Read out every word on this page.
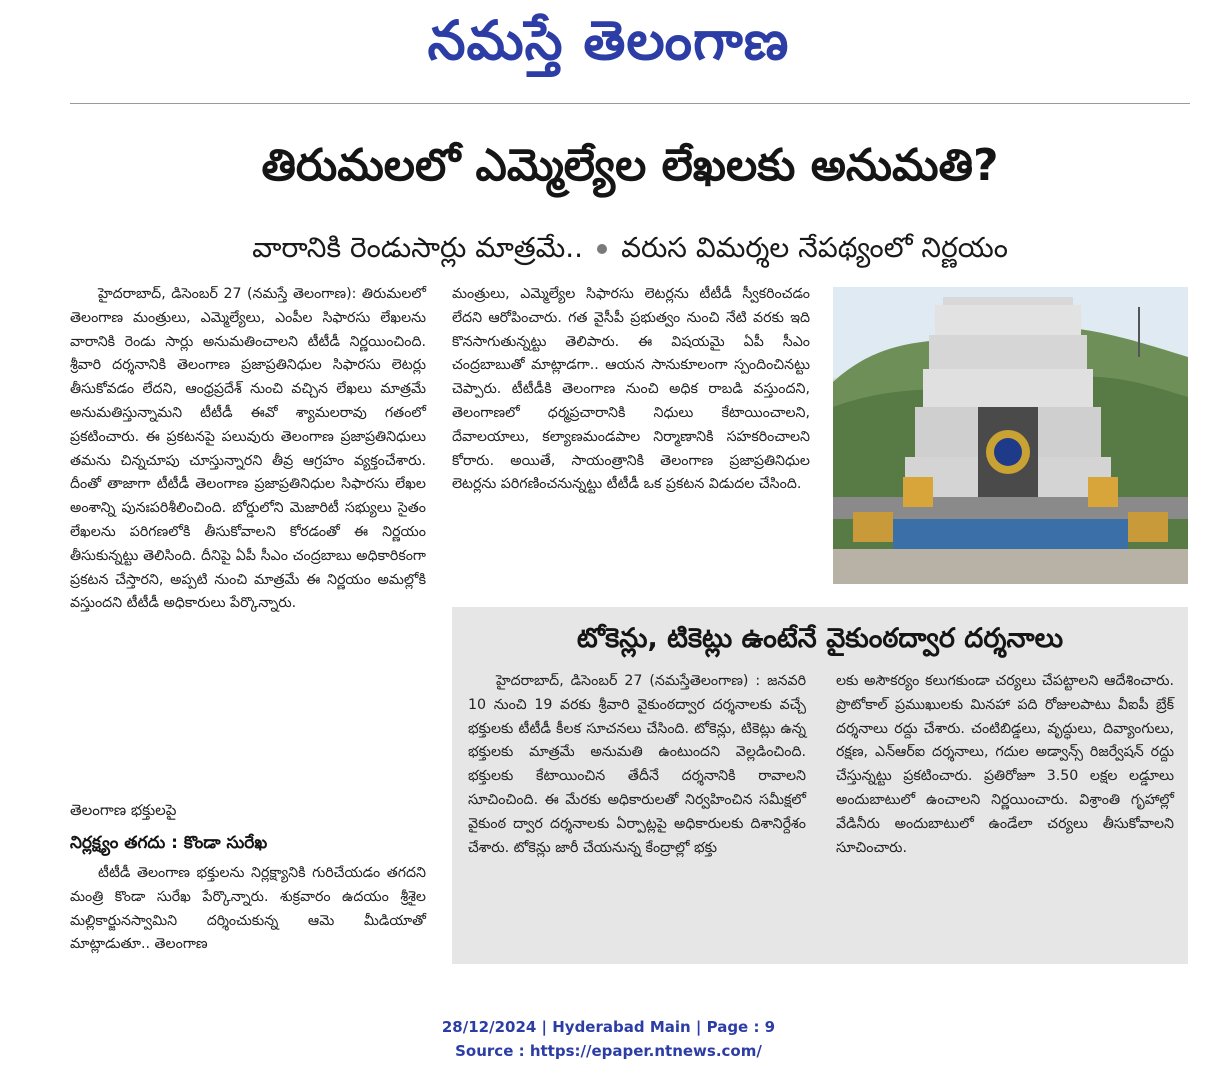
నమస్తే తెలంగాణ
తిరుమలలో ఎమ్మెల్యేల లేఖలకు అనుమతి?
వారానికి రెండుసార్లు మాత్రమే.. వరుస విమర్శల నేపథ్యంలో నిర్ణయం

హైదరాబాద్, డిసెంబర్ 27 (నమస్తే తెలంగాణ): తిరుమలలో తెలంగాణ మంత్రులు, ఎమ్మెల్యేలు, ఎంపీల సిఫారసు లేఖలను వారానికి రెండు సార్లు అనుమతించాలని టీటీడీ నిర్ణయించింది. శ్రీవారి దర్శనానికి తెలంగాణ ప్రజాప్రతినిధుల సిఫారసు లెటర్లు తీసుకోవడం లేదని, ఆంధ్రప్రదేశ్ నుంచి వచ్చిన లేఖలు మాత్రమే అనుమతిస్తున్నామని టీటీడీ ఈవో శ్యామలరావు గతంలో ప్రకటించారు. ఈ ప్రకటనపై పలువురు తెలంగాణ ప్రజాప్రతినిధులు తమను చిన్నచూపు చూస్తున్నారని తీవ్ర ఆగ్రహం వ్యక్తంచేశారు. దీంతో తాజాగా టీటీడీ తెలంగాణ ప్రజాప్రతినిధుల సిఫారసు లేఖల అంశాన్ని పునఃపరిశీలించింది. బోర్డులోని మెజారిటీ సభ్యులు సైతం లేఖలను పరిగణలోకి తీసుకోవాలని కోరడంతో ఈ నిర్ణయం తీసుకున్నట్టు తెలిసింది. దీనిపై ఏపీ సీఎం చంద్రబాబు అధికారికంగా ప్రకటన చేస్తారని, అప్పటి నుంచి మాత్రమే ఈ నిర్ణయం అమల్లోకి వస్తుందని టీటీడీ అధికారులు పేర్కొన్నారు.

తెలంగాణ భక్తులపై
నిర్లక్ష్యం తగదు : కొండా సురేఖ

టీటీడీ తెలంగాణ భక్తులను నిర్లక్ష్యానికి గురిచేయడం తగదని మంత్రి కొండా సురేఖ పేర్కొన్నారు. శుక్రవారం ఉదయం శ్రీశైల మల్లికార్జునస్వామిని దర్శించుకున్న ఆమె మీడియాతో మాట్లాడుతూ.. తెలంగాణ

మంత్రులు, ఎమ్మెల్యేల సిఫారసు లెటర్లను టీటీడీ స్వీకరించడం లేదని ఆరోపించారు. గత వైసీపీ ప్రభుత్వం నుంచి నేటి వరకు ఇది కొనసాగుతున్నట్టు తెలిపారు. ఈ విషయమై ఏపీ సీఎం చంద్రబాబుతో మాట్లాడగా.. ఆయన సానుకూలంగా స్పందించినట్టు చెప్పారు. టీటీడీకి తెలంగాణ నుంచి అధిక రాబడి వస్తుందని, తెలంగాణలో ధర్మప్రచారానికి నిధులు కేటాయించాలని, దేవాలయాలు, కల్యాణమండపాల నిర్మాణానికి సహకరించాలని కోరారు. అయితే, సాయంత్రానికి తెలంగాణ ప్రజాప్రతినిధుల లెటర్లను పరిగణించనున్నట్టు టీటీడీ ఒక ప్రకటన విడుదల చేసింది.

టోకెన్లు, టికెట్లు ఉంటేనే వైకుంఠద్వార దర్శనాలు

హైదరాబాద్, డిసెంబర్ 27 (నమస్తేతెలంగాణ) : జనవరి 10 నుంచి 19 వరకు శ్రీవారి వైకుంఠద్వార దర్శనాలకు వచ్చే భక్తులకు టీటీడీ కీలక సూచనలు చేసింది. టోకెన్లు, టికెట్లు ఉన్న భక్తులకు మాత్రమే అనుమతి ఉంటుందని వెల్లడించింది. భక్తులకు కేటాయించిన తేదీనే దర్శనానికి రావాలని సూచించింది. ఈ మేరకు అధికారులతో నిర్వహించిన సమీక్షలో వైకుంఠ ద్వార దర్శనాలకు ఏర్పాట్లపై అధికారులకు దిశానిర్దేశం చేశారు. టోకెన్లు జారీ చేయనున్న కేంద్రాల్లో భక్తు

లకు అసౌకర్యం కలుగకుండా చర్యలు చేపట్టాలని ఆదేశించారు. ప్రొటోకాల్ ప్రముఖులకు మినహా పది రోజులపాటు వీఐపీ బ్రేక్ దర్శనాలు రద్దు చేశారు. చంటిబిడ్డలు, వృద్ధులు, దివ్యాంగులు, రక్షణ, ఎన్ఆర్ఐ దర్శనాలు, గదుల అడ్వాన్స్ రిజర్వేషన్ రద్దు చేస్తున్నట్టు ప్రకటించారు. ప్రతిరోజూ 3.50 లక్షల లడ్డూలు అందుబాటులో ఉంచాలని నిర్ణయించారు. విశ్రాంతి గృహాల్లో వేడినీరు అందుబాటులో ఉండేలా చర్యలు తీసుకోవాలని సూచించారు.

28/12/2024 | Hyderabad Main | Page : 9
Source : https://epaper.ntnews.com/
